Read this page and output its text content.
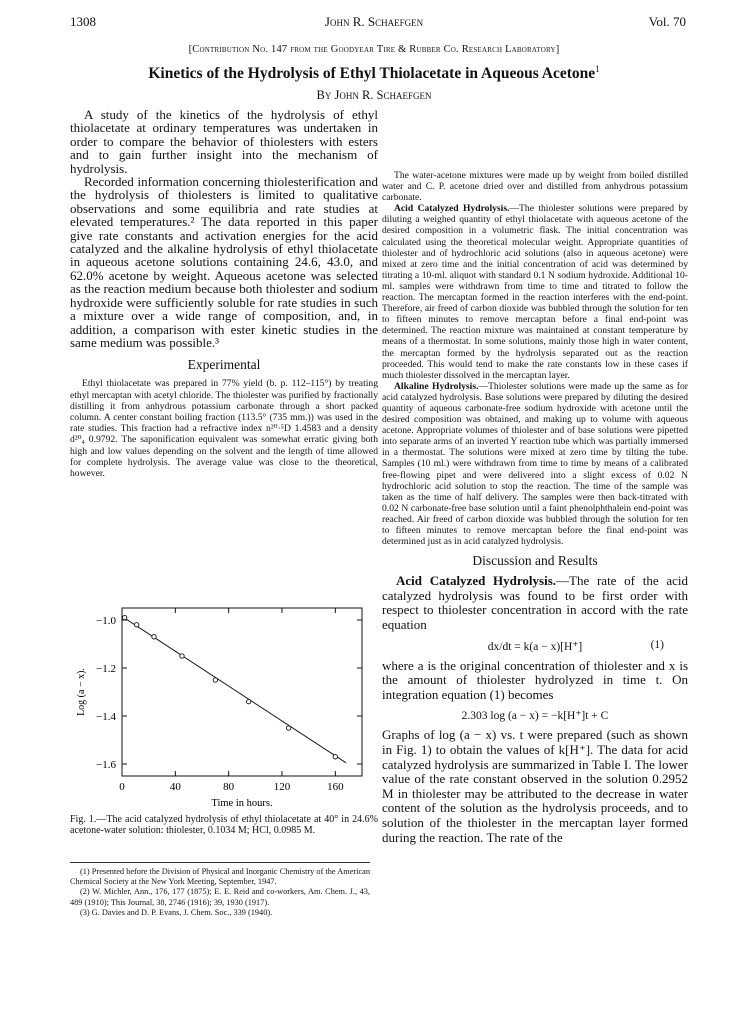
1308	John R. Schaefgen	Vol. 70
[Contribution No. 147 from the Goodyear Tire & Rubber Co. Research Laboratory]
Kinetics of the Hydrolysis of Ethyl Thiolacetate in Aqueous Acetone$^1$
By John R. Schaefgen

A study of the kinetics of the hydrolysis of ethyl thiolacetate at ordinary temperatures was undertaken in order to compare the behavior of thiolesters with esters and to gain further insight into the mechanism of hydrolysis.

Recorded information concerning thiolesterification and the hydrolysis of thiolesters is limited to qualitative observations and some equilibria and rate studies at elevated temperatures.² The data reported in this paper give rate constants and activation energies for the acid catalyzed and the alkaline hydrolysis of ethyl thiolacetate in aqueous acetone solutions containing 24.6, 43.0, and 62.0% acetone by weight. Aqueous acetone was selected as the reaction medium because both thiolester and sodium hydroxide were sufficiently soluble for rate studies in such a mixture over a wide range of composition, and, in addition, a comparison with ester kinetic studies in the same medium was possible.³

Experimental

Ethyl thiolacetate was prepared in 77% yield (b. p. 112–115°) by treating ethyl mercaptan with acetyl chloride. The thiolester was purified by fractionally distilling it from anhydrous potassium carbonate through a short packed column. A center constant boiling fraction (113.5° (735 mm.)) was used in the rate studies. This fraction had a refractive index n²⁰·⁵D 1.4583 and a density d²⁰₄ 0.9792. The saponification equivalent was somewhat erratic giving both high and low values depending on the solvent and the length of time allowed for complete hydrolysis. The average value was close to the theoretical, however.

Log (a − x).
Time in hours.
−1.0
−1.2
−1.4
−1.6
0	40	80	120	160
Fig. 1.—The acid catalyzed hydrolysis of ethyl thiolacetate at 40° in 24.6% acetone-water solution: thiolester, 0.1034 M; HCl, 0.0985 M.
(1) Presented before the Division of Physical and Inorganic Chemistry of the American Chemical Society at the New York Meeting, September, 1947.
(2) W. Michler, Ann., 176, 177 (1875); E. E. Reid and co-workers, Am. Chem. J., 43, 489 (1910); This Journal, 38, 2746 (1916); 39, 1930 (1917).
(3) G. Davies and D. P. Evans, J. Chem. Soc., 339 (1940).

The water-acetone mixtures were made up by weight from boiled distilled water and C. P. acetone dried over and distilled from anhydrous potassium carbonate.

Acid Catalyzed Hydrolysis.—The thiolester solutions were prepared by diluting a weighed quantity of ethyl thiolacetate with aqueous acetone of the desired composition in a volumetric flask. The initial concentration was calculated using the theoretical molecular weight. Appropriate quantities of thiolester and of hydrochloric acid solutions (also in aqueous acetone) were mixed at zero time and the initial concentration of acid was determined by titrating a 10-ml. aliquot with standard 0.1 N sodium hydroxide. Additional 10-ml. samples were withdrawn from time to time and titrated to follow the reaction. The mercaptan formed in the reaction interferes with the end-point. Therefore, air freed of carbon dioxide was bubbled through the solution for ten to fifteen minutes to remove mercaptan before a final end-point was determined. The reaction mixture was maintained at constant temperature by means of a thermostat. In some solutions, mainly those high in water content, the mercaptan formed by the hydrolysis separated out as the reaction proceeded. This would tend to make the rate constants low in these cases if much thiolester dissolved in the mercaptan layer.

Alkaline Hydrolysis.—Thiolester solutions were made up the same as for acid catalyzed hydrolysis. Base solutions were prepared by diluting the desired quantity of aqueous carbonate-free sodium hydroxide with acetone until the desired composition was obtained, and making up to volume with aqueous acetone. Appropriate volumes of thiolester and of base solutions were pipetted into separate arms of an inverted Y reaction tube which was partially immersed in a thermostat. The solutions were mixed at zero time by tilting the tube. Samples (10 ml.) were withdrawn from time to time by means of a calibrated free-flowing pipet and were delivered into a slight excess of 0.02 N hydrochloric acid solution to stop the reaction. The time of the sample was taken as the time of half delivery. The samples were then back-titrated with 0.02 N carbonate-free base solution until a faint phenolphthalein end-point was reached. Air freed of carbon dioxide was bubbled through the solution for ten to fifteen minutes to remove mercaptan before the final end-point was determined just as in acid catalyzed hydrolysis.

Discussion and Results

Acid Catalyzed Hydrolysis.—The rate of the acid catalyzed hydrolysis was found to be first order with respect to thiolester concentration in accord with the rate equation

dx/dt = k(a − x)[H⁺]	(1)

where a is the original concentration of thiolester and x is the amount of thiolester hydrolyzed in time t. On integration equation (1) becomes

2.303 log (a − x) = −k[H⁺]t + C

Graphs of log (a − x) vs. t were prepared (such as shown in Fig. 1) to obtain the values of k[H⁺]. The data for acid catalyzed hydrolysis are summarized in Table I. The lower value of the rate constant observed in the solution 0.2952 M in thiolester may be attributed to the decrease in water content of the solution as the hydrolysis proceeds, and to solution of the thiolester in the mercaptan layer formed during the reaction. The rate of the
